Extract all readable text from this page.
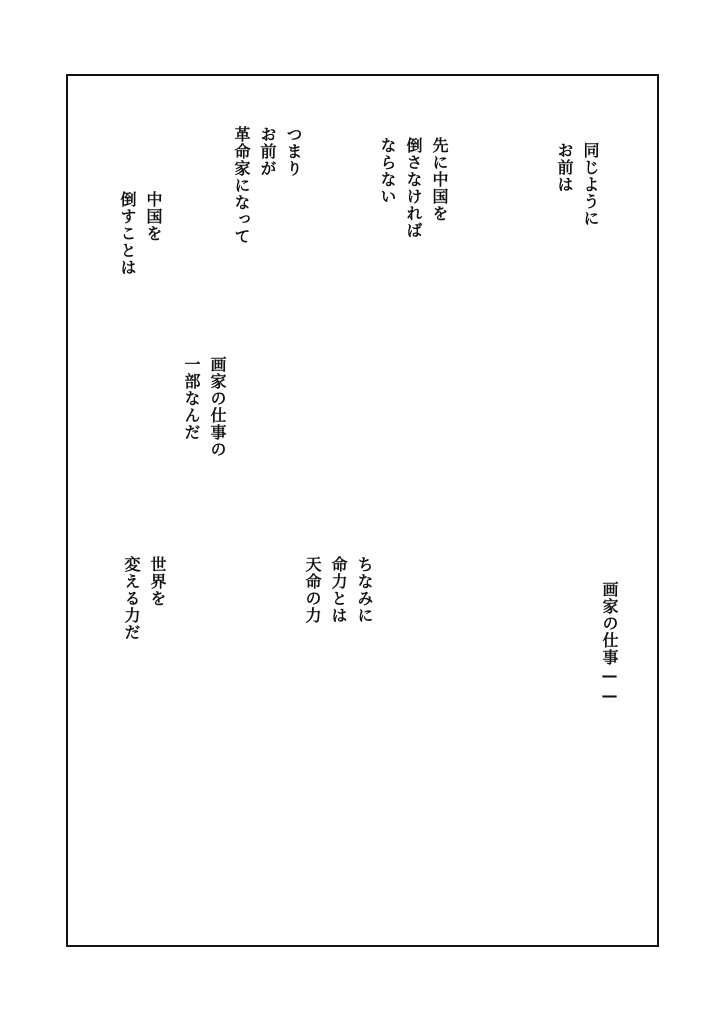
同じように
お前は
先に中国を
倒さなければ
ならない
つまり
お前が
革命家になって
中国を
倒すことは
画家の仕事の
一部なんだ
画家の仕事——
ちなみに
命力とは
天命の力
世界を
変える力だ
